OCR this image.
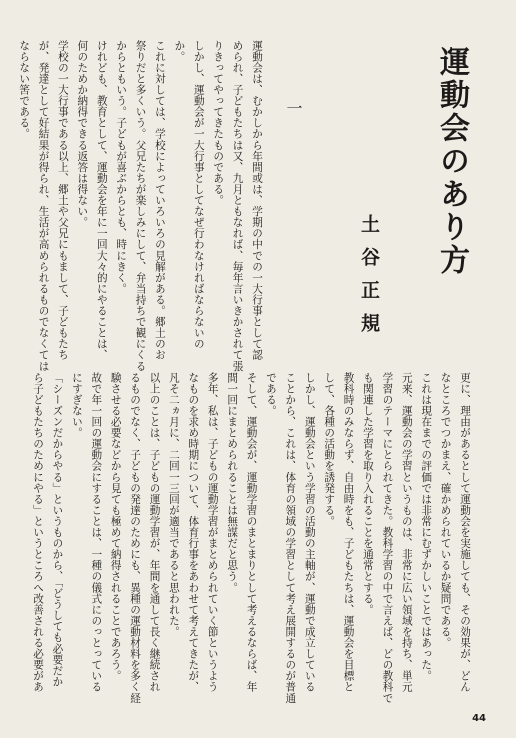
運動会のあり方
土谷正規
一
運動会は、むかしから年間或は、学期の中での一大行事として認
められ、子どもたちは又、九月ともなれば、毎年言いきかされて張
りきってやってきたものである。
しかし、運動会が一大行事としてなぜ行わなければならないの
か。
これに対しては、学校によっていろいろの見解がある。郷土のお
祭りだと多くいう。父兄たちが楽しみにして、弁当持ちで観にくる
からともいう。子どもが喜ぶからとも、時にきく。
けれども、教育として、運動会を年に一回大々的にやることは、
何のためか納得できる返答は得ない。
学校の一大行事である以上、郷土や父兄にもまして、子どもたち
が、発達として好結果が得られ、生活が高められるものでなくては
ならない筈である。
更に、理由があるとして運動会を実施しても、その効果が、どん
なところでつかまえ、確かめられているか疑問である。
これは現在までの評価では非常にむずかしいことではあった。
元来、運動会の学習というものは、非常に広い領域を持ち、単元
学習のテーマにとられてきた。教科学習の中で言えば、どの教科で
も関連した学習を取り入れることを通常とする。
教科時のみならず、自由時をも、子どもたちは、運動会を目標と
して、各種の活動を誘発する。
しかし、運動会という学習の活動の主軸が、運動で成立している
ことから、これは、体育の領域の学習として考え展開するのが普通
である。
そして、運動会が、運動学習のまとまりとして考えるならば、年
間一回にまとめられることは無謀だと思う。
多年、私は、子どもの運動学習がまとめられていく節というよう
なものを求め時期について、体育行事をあわせて考えてきたが、
凡そ二ヵ月に、二回一三回が適当であると思われた。
以上のことは、子どもの運動学習が、年間を通して長く継続され
るものでなく、子どもの発達のためにも、異種の運動材料を多く経
験させる必要などから見ても極めて納得されることであろう。
故で年一回の運動会にすることは、一種の儀式にのっとっている
にすぎない。
「シーズンだからやる」というものから、「どうしても必要だか
ら子どもたちのためにやる」というところへ改善される必要があ
44
